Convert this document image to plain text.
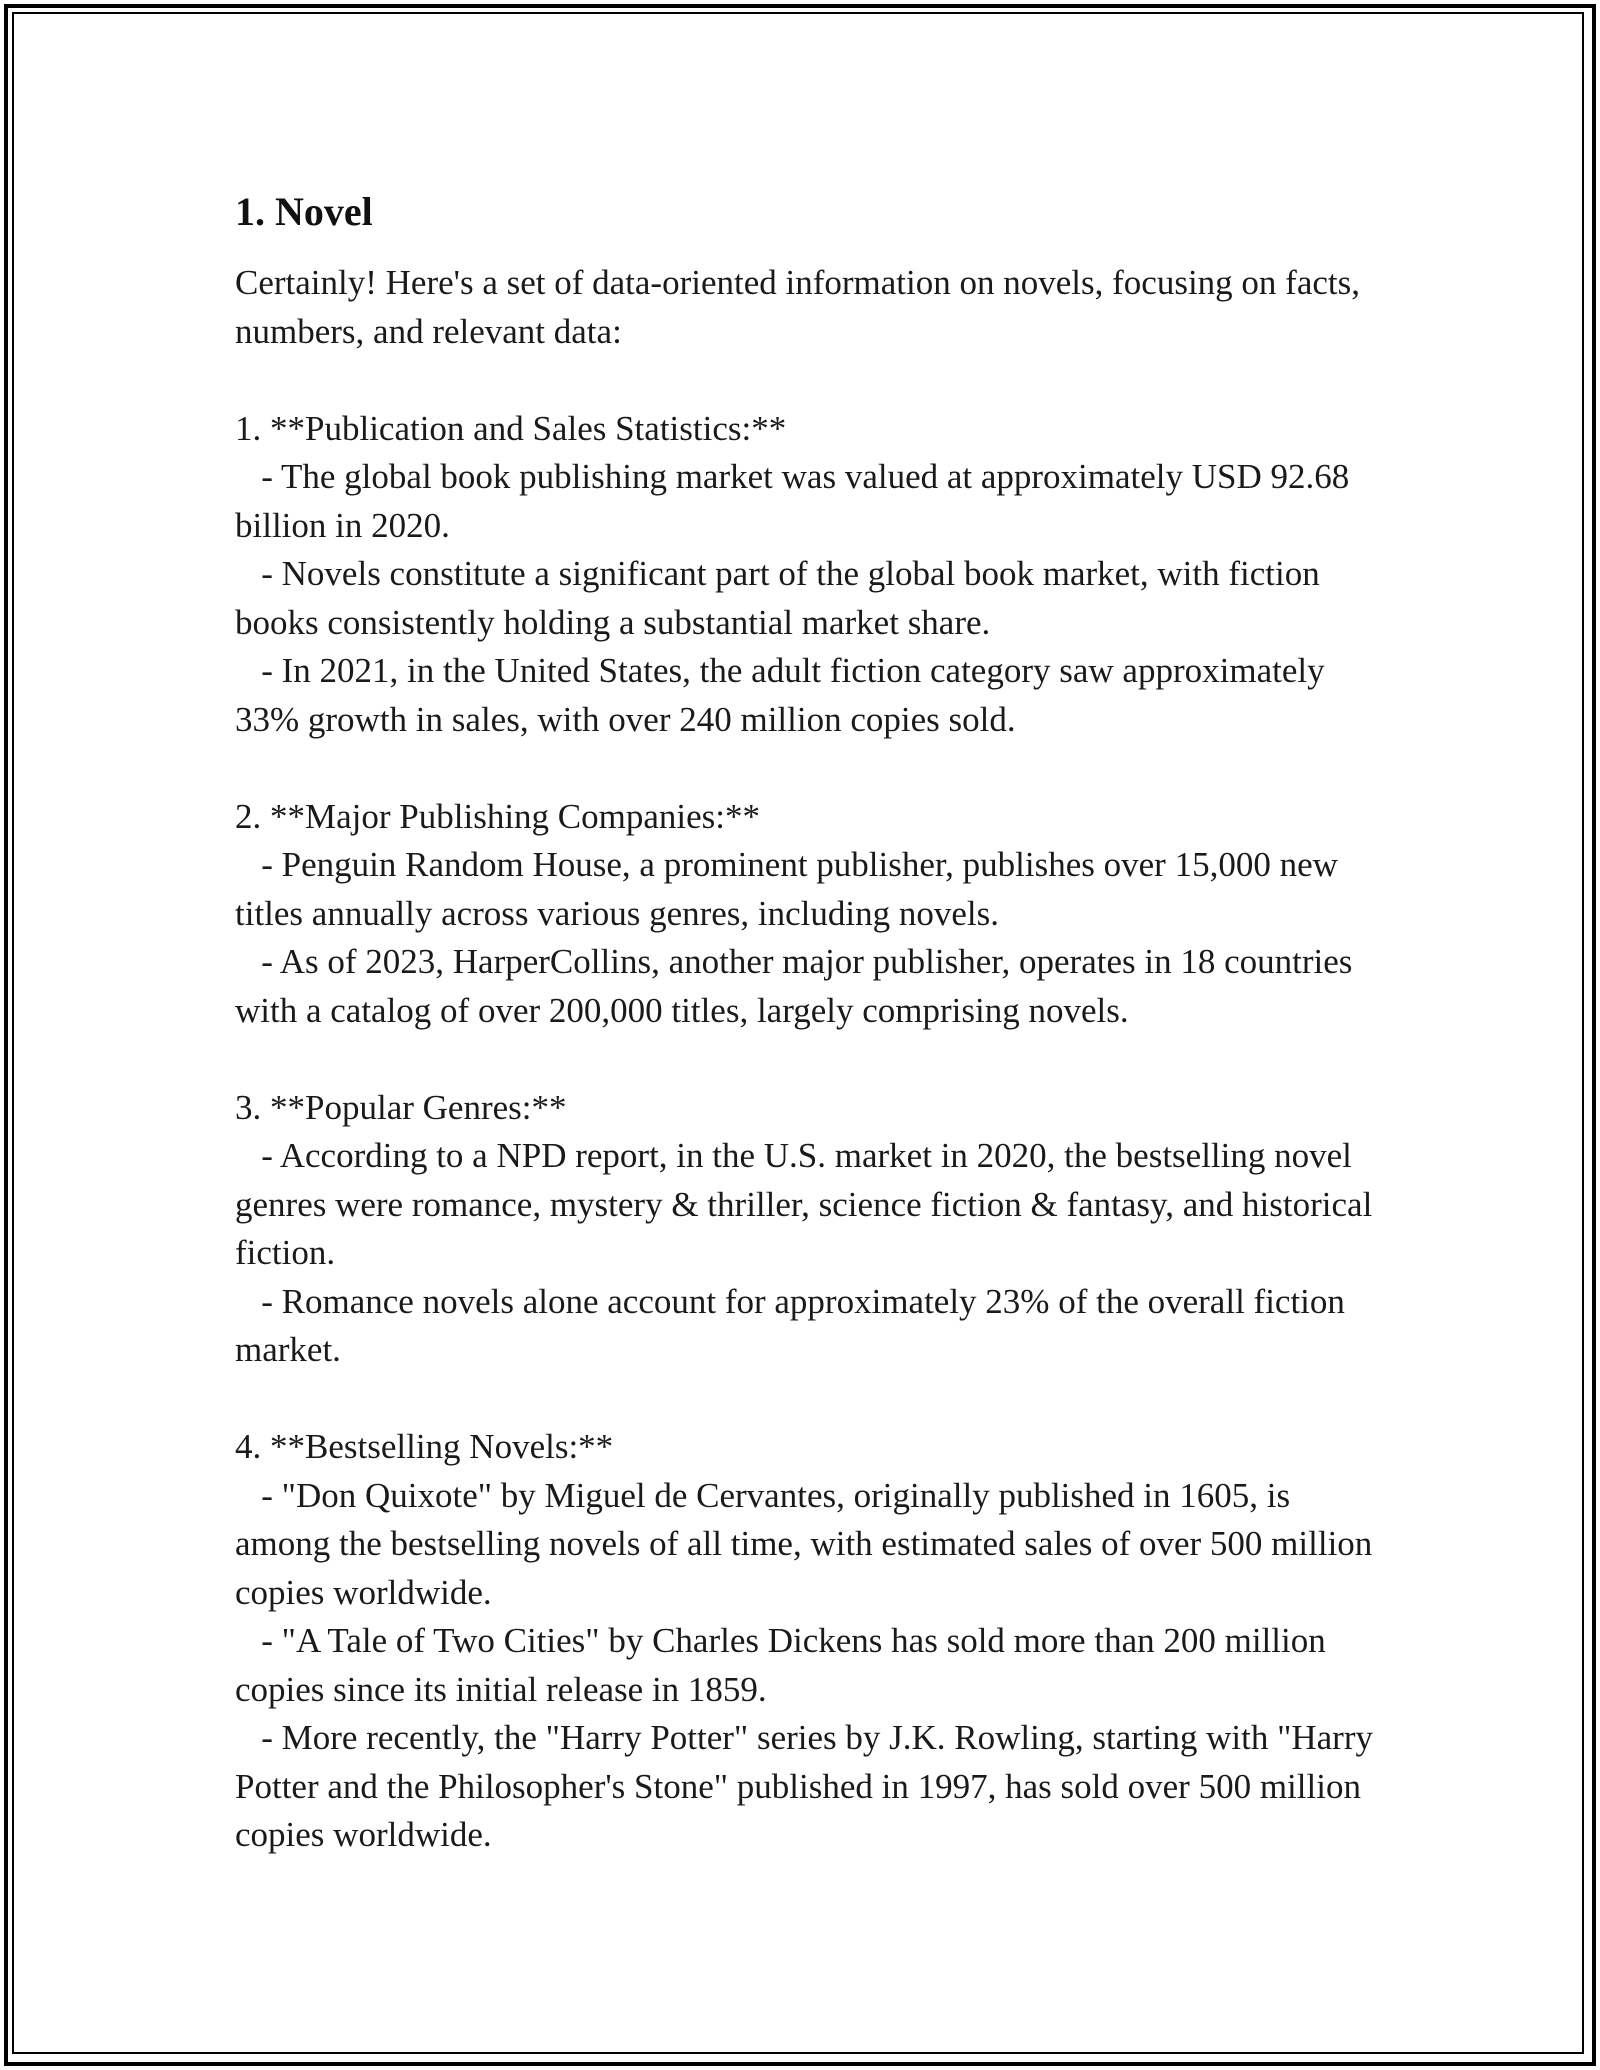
1. Novel

Certainly! Here's a set of data-oriented information on novels, focusing on facts, numbers, and relevant data:

1. **Publication and Sales Statistics:**

- The global book publishing market was valued at approximately USD 92.68 billion in 2020.

- Novels constitute a significant part of the global book market, with fiction books consistently holding a substantial market share.

- In 2021, in the United States, the adult fiction category saw approximately 33% growth in sales, with over 240 million copies sold.

2. **Major Publishing Companies:**

- Penguin Random House, a prominent publisher, publishes over 15,000 new titles annually across various genres, including novels.

- As of 2023, HarperCollins, another major publisher, operates in 18 countries with a catalog of over 200,000 titles, largely comprising novels.

3. **Popular Genres:**

- According to a NPD report, in the U.S. market in 2020, the bestselling novel genres were romance, mystery & thriller, science fiction & fantasy, and historical fiction.

- Romance novels alone account for approximately 23% of the overall fiction market.

4. **Bestselling Novels:**

- "Don Quixote" by Miguel de Cervantes, originally published in 1605, is among the bestselling novels of all time, with estimated sales of over 500 million copies worldwide.

- "A Tale of Two Cities" by Charles Dickens has sold more than 200 million copies since its initial release in 1859.

- More recently, the "Harry Potter" series by J.K. Rowling, starting with "Harry Potter and the Philosopher's Stone" published in 1997, has sold over 500 million copies worldwide.
